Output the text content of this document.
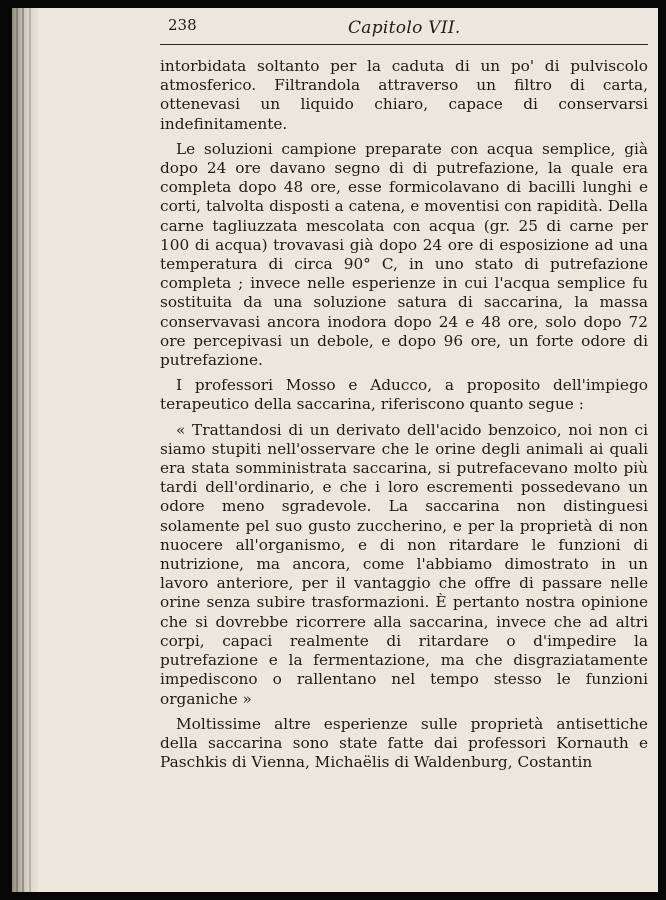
238	Capitolo VII.

intorbidata soltanto per la caduta di un po' di pulviscolo atmosferico. Filtrandola attraverso un filtro di carta, ottenevasi un liquido chiaro, capace di conservarsi indefinitamente.

Le soluzioni campione preparate con acqua semplice, già dopo 24 ore davano segno di di putrefazione, la quale era completa dopo 48 ore, esse formicolavano di bacilli lunghi e corti, talvolta disposti a catena, e moventisi con rapidità. Della carne tagliuzzata mescolata con acqua (gr. 25 di carne per 100 di acqua) trovavasi già dopo 24 ore di esposizione ad una temperatura di circa 90° C, in uno stato di putrefazione completa ; invece nelle esperienze in cui l'acqua semplice fu sostituita da una soluzione satura di saccarina, la massa conservavasi ancora inodora dopo 24 e 48 ore, solo dopo 72 ore percepivasi un debole, e dopo 96 ore, un forte odore di putrefazione.

I professori Mosso e Aducco, a proposito dell'impiego terapeutico della saccarina, riferiscono quanto segue :

« Trattandosi di un derivato dell'acido benzoico, noi non ci siamo stupiti nell'osservare che le orine degli animali ai quali era stata somministrata saccarina, si putrefacevano molto più tardi dell'ordinario, e che i loro escrementi possedevano un odore meno sgradevole. La saccarina non distinguesi solamente pel suo gusto zuccherino, e per la proprietà di non nuocere all'organismo, e di non ritardare le funzioni di nutrizione, ma ancora, come l'abbiamo dimostrato in un lavoro anteriore, per il vantaggio che offre di passare nelle orine senza subire trasformazioni. È pertanto nostra opinione che si dovrebbe ricorrere alla saccarina, invece che ad altri corpi, capaci realmente di ritardare o d'impedire la putrefazione e la fermentazione, ma che disgraziatamente impediscono o rallentano nel tempo stesso le funzioni organiche »

Moltissime altre esperienze sulle proprietà antisettiche della saccarina sono state fatte dai professori Kornauth e Paschkis di Vienna, Michaëlis di Waldenburg, Costantin
